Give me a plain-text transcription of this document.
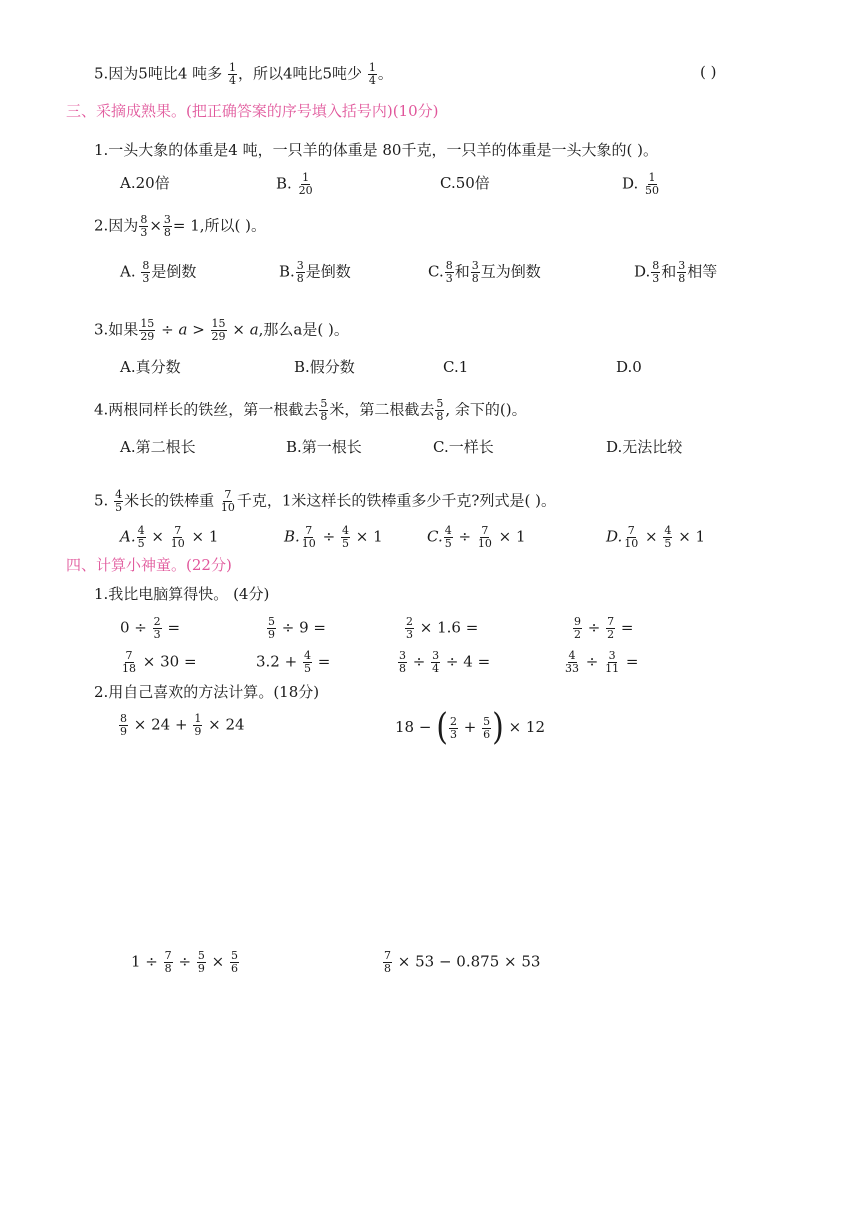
5.因为5吨比4 吨多 $\frac{1}{4}$ ，所以4吨比5吨少 $\frac{1}{4}$ 。	( )
三、采摘成熟果。(把正确答案的序号填入括号内)(10分)
1.一头大象的体重是4 吨，一只羊的体重是 80千克，一只羊的体重是一头大象的( )。
A.20倍	B. $\frac{1}{20}$	C.50倍	D. $\frac{1}{50}$
2.因为 $\frac{8}{3} \times \frac{3}{8} = 1$,所以( )。
A. $\frac{8}{3}$ 是倒数	B. $\frac{3}{8}$ 是倒数	C. $\frac{8}{3}$ 和 $\frac{3}{8}$ 互为倒数	D. $\frac{8}{3}$ 和 $\frac{3}{8}$ 相等
3.如果 $\frac{15}{29} \div a > \frac{15}{29} \times a$,那么a是( )。
A.真分数	B.假分数	C.1	D.0
4.两根同样长的铁丝，第一根截去 $\frac{5}{8}$ 米，第二根截去 $\frac{5}{8}$ , 余下的()。
A.第二根长	B.第一根长	C.一样长	D.无法比较
5. $\frac{4}{5}$ 米长的铁棒重 $\frac{7}{10}$ 千克，1米这样长的铁棒重多少千克?列式是( )。
A. $\frac{4}{5} \times \frac{7}{10} \times 1$	B. $\frac{7}{10} \div \frac{4}{5} \times 1$	C. $\frac{4}{5} \div \frac{7}{10} \times 1$	D. $\frac{7}{10} \times \frac{4}{5} \times 1$
四、计算小神童。(22分)
1.我比电脑算得快。 (4分)
$0 \div \frac{2}{3}$ =	$\frac{5}{9} \div 9$ =	$\frac{2}{3} \times 1.6$ =	$\frac{9}{2} \div \frac{7}{2}$ =
$\frac{7}{18} \times 30$ =	$3.2 + \frac{4}{5}$ =	$\frac{3}{8} \div \frac{3}{4} \div 4$ =	$\frac{4}{33} \div \frac{3}{11}$ =
2.用自己喜欢的方法计算。(18分)
$\frac{8}{9} \times 24 + \frac{1}{9} \times 24$	18 − ( $\frac{2}{3} + \frac{5}{6}$ ) × 12
$1 \div \frac{7}{8} \div \frac{5}{9} \times \frac{5}{6}$	$\frac{7}{8} \times 53 - 0.875 \times 53$
